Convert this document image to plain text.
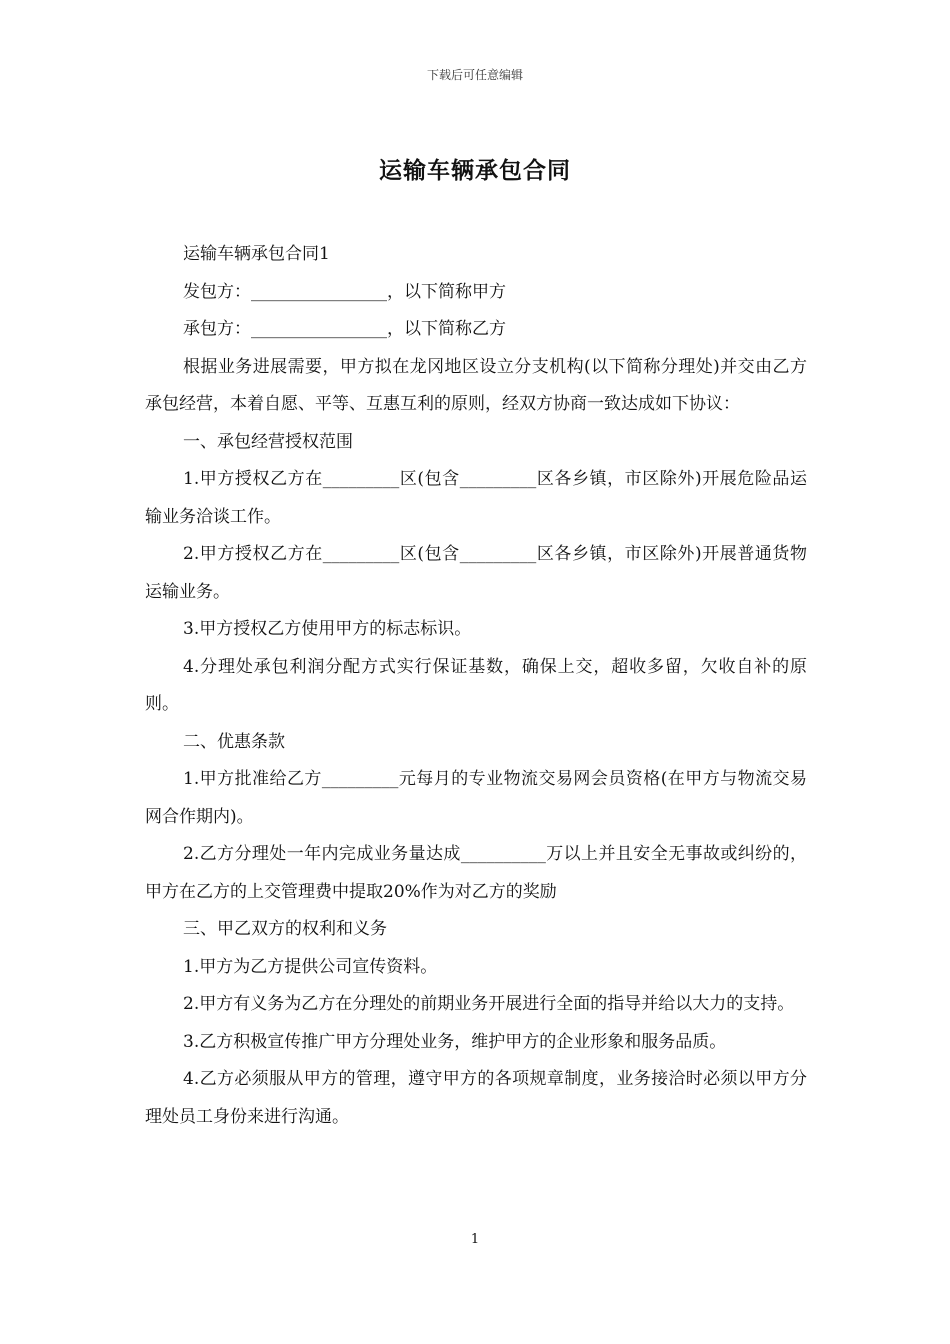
下载后可任意编辑
运输车辆承包合同

运输车辆承包合同1

发包方：________________，以下简称甲方

承包方：________________，以下简称乙方

根据业务进展需要，甲方拟在龙冈地区设立分支机构(以下简称分理处)并交由乙方承包经营，本着自愿、平等、互惠互利的原则，经双方协商一致达成如下协议：

一、承包经营授权范围

1.甲方授权乙方在_________区(包含_________区各乡镇，市区除外)开展危险品运输业务洽谈工作。

2.甲方授权乙方在_________区(包含_________区各乡镇，市区除外)开展普通货物运输业务。

3.甲方授权乙方使用甲方的标志标识。

4.分理处承包利润分配方式实行保证基数，确保上交，超收多留，欠收自补的原则。

二、优惠条款

1.甲方批准给乙方_________元每月的专业物流交易网会员资格(在甲方与物流交易网合作期内)。

2.乙方分理处一年内完成业务量达成__________万以上并且安全无事故或纠纷的，甲方在乙方的上交管理费中提取20%作为对乙方的奖励

三、甲乙双方的权利和义务

1.甲方为乙方提供公司宣传资料。

2.甲方有义务为乙方在分理处的前期业务开展进行全面的指导并给以大力的支持。

3.乙方积极宣传推广甲方分理处业务，维护甲方的企业形象和服务品质。

4.乙方必须服从甲方的管理，遵守甲方的各项规章制度，业务接洽时必须以甲方分理处员工身份来进行沟通。

1
